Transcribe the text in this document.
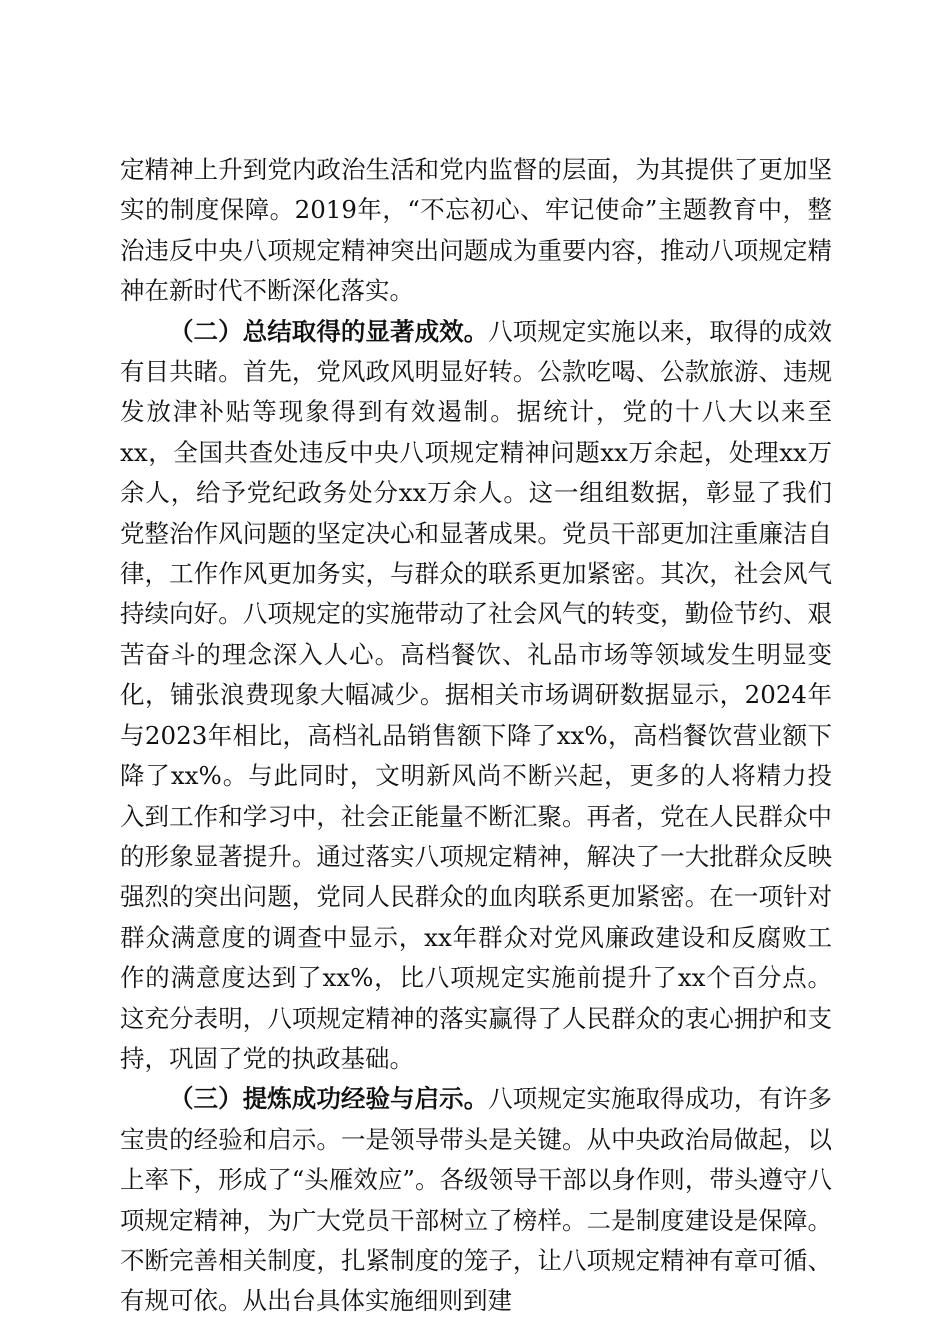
定精神上升到党内政治生活和党内监督的层面，为其提供了更加坚实的制度保障。2019年，“不忘初心、牢记使命”主题教育中，整治违反中央八项规定精神突出问题成为重要内容，推动八项规定精神在新时代不断深化落实。

（二）总结取得的显著成效。八项规定实施以来，取得的成效有目共睹。首先，党风政风明显好转。公款吃喝、公款旅游、违规发放津补贴等现象得到有效遏制。据统计，党的十八大以来至xx，全国共查处违反中央八项规定精神问题xx万余起，处理xx万余人，给予党纪政务处分xx万余人。这一组组数据，彰显了我们党整治作风问题的坚定决心和显著成果。党员干部更加注重廉洁自律，工作作风更加务实，与群众的联系更加紧密。其次，社会风气持续向好。八项规定的实施带动了社会风气的转变，勤俭节约、艰苦奋斗的理念深入人心。高档餐饮、礼品市场等领域发生明显变化，铺张浪费现象大幅减少。据相关市场调研数据显示，2024年与2023年相比，高档礼品销售额下降了xx%，高档餐饮营业额下降了xx%。与此同时，文明新风尚不断兴起，更多的人将精力投入到工作和学习中，社会正能量不断汇聚。再者，党在人民群众中的形象显著提升。通过落实八项规定精神，解决了一大批群众反映强烈的突出问题，党同人民群众的血肉联系更加紧密。在一项针对群众满意度的调查中显示，xx年群众对党风廉政建设和反腐败工作的满意度达到了xx%，比八项规定实施前提升了xx个百分点。这充分表明，八项规定精神的落实赢得了人民群众的衷心拥护和支持，巩固了党的执政基础。

（三）提炼成功经验与启示。八项规定实施取得成功，有许多宝贵的经验和启示。一是领导带头是关键。从中央政治局做起，以上率下，形成了“头雁效应”。各级领导干部以身作则，带头遵守八项规定精神，为广大党员干部树立了榜样。二是制度建设是保障。不断完善相关制度，扎紧制度的笼子，让八项规定精神有章可循、有规可依。从出台具体实施细则到建
